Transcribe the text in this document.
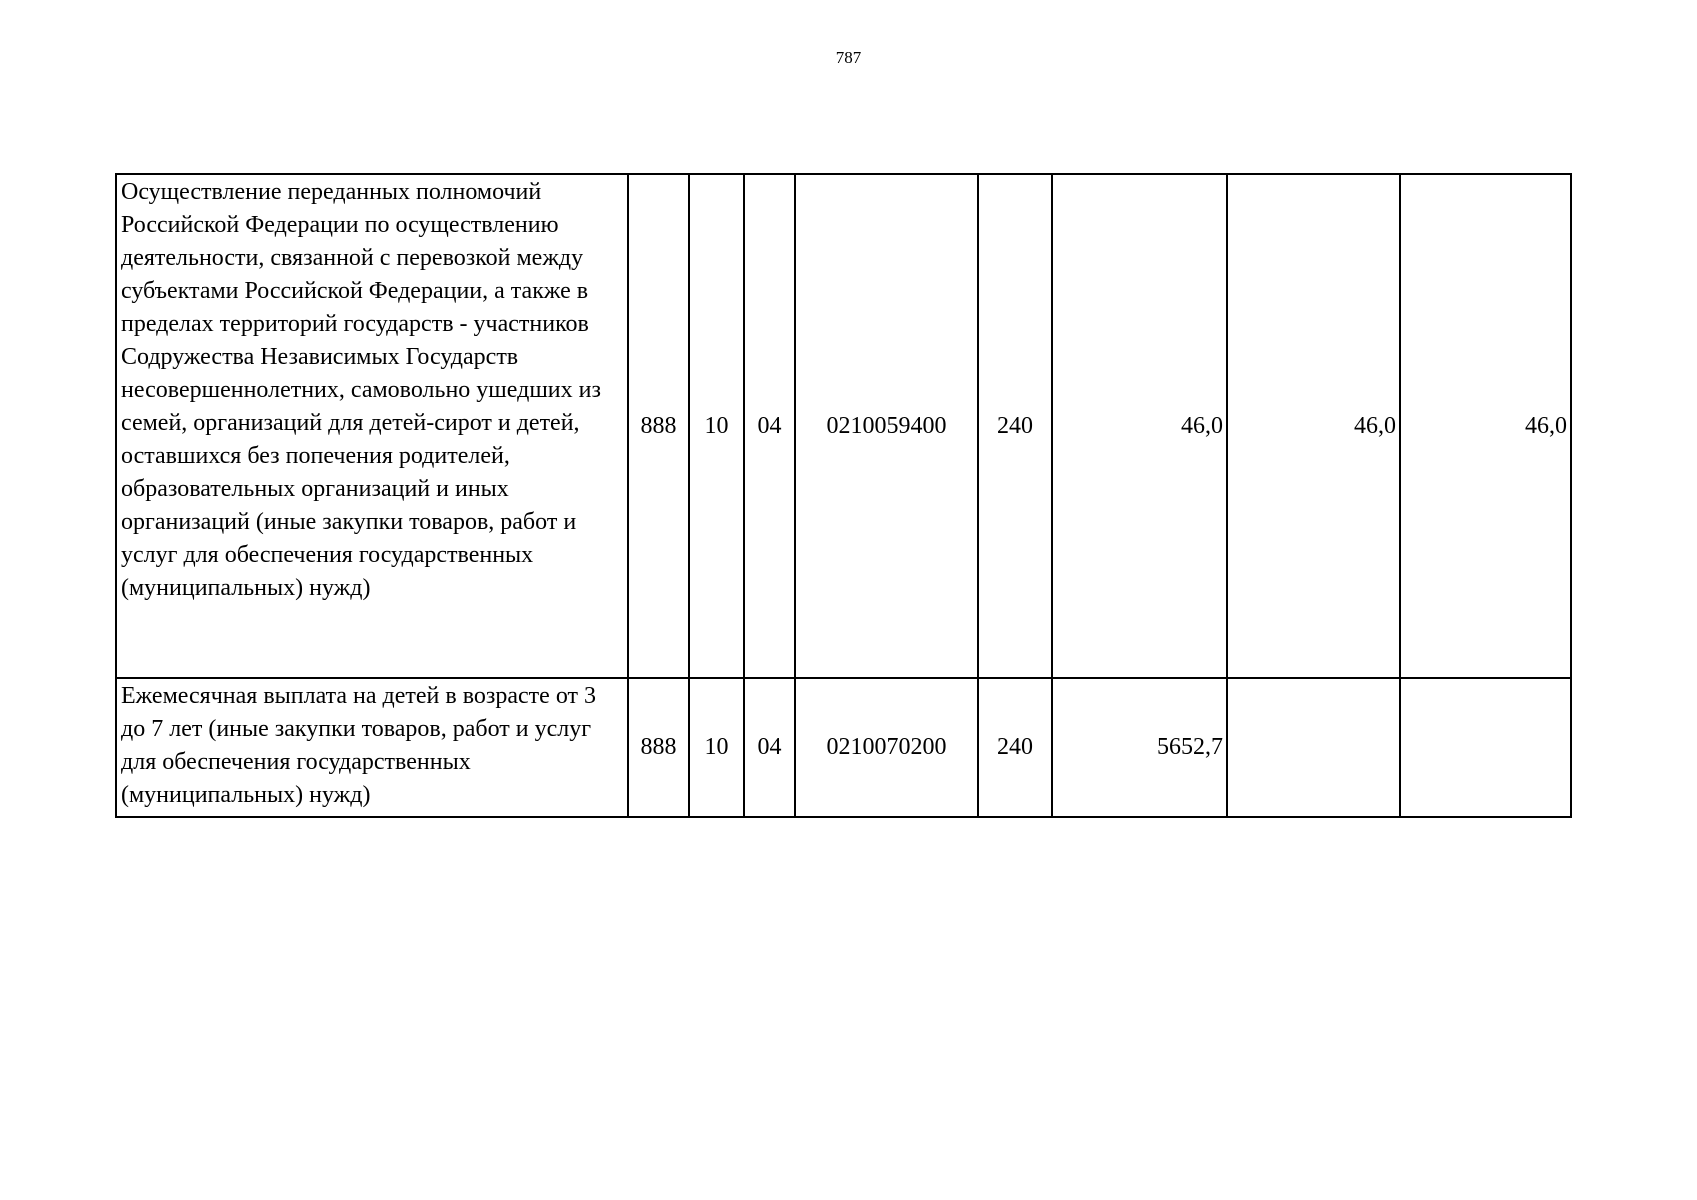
787
Осуществление переданных полномочий Российской Федерации по осуществлению деятельности, связанной с перевозкой между субъектами Российской Федерации, а также в пределах территорий государств - участников Содружества Независимых Государств несовершеннолетних, самовольно ушедших из семей, организаций для детей-сирот и детей, оставшихся без попечения родителей, образовательных организаций и иных организаций (иные закупки товаров, работ и услуг для обеспечения государственных (муниципальных) нужд)	888	10	04	0210059400	240	46,0	46,0	46,0
Ежемесячная выплата на детей в возрасте от 3 до 7 лет (иные закупки товаров, работ и услуг для обеспечения государственных (муниципальных) нужд)	888	10	04	0210070200	240	5652,7		
